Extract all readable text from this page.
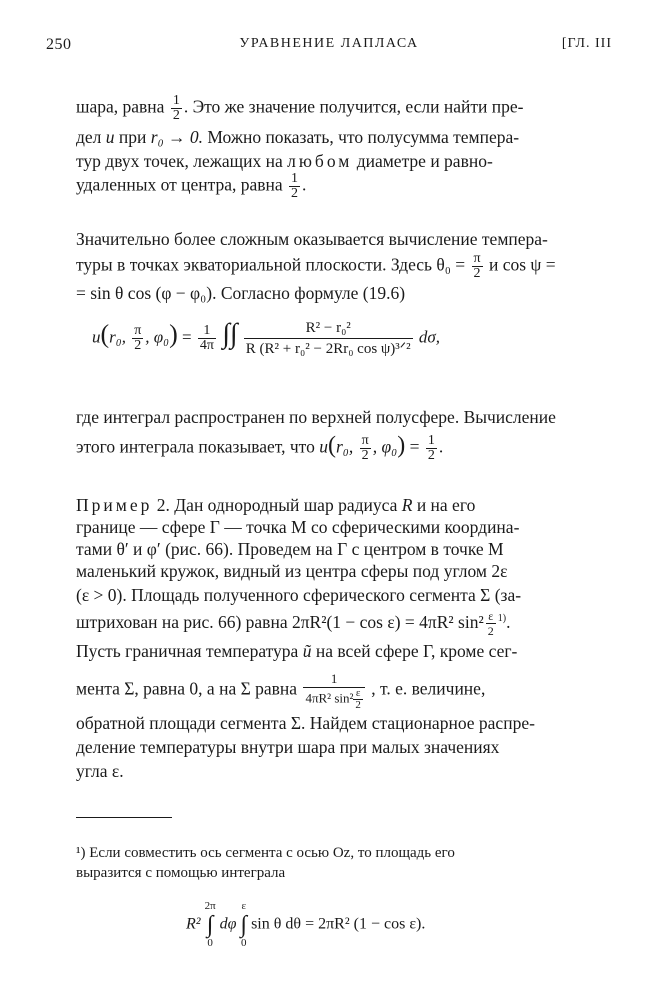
250	УРАВНЕНИЕ ЛАПЛАСА	[ГЛ. III
шара, равна $\frac{1}{2}$ . Это же значение получится, если найти пре-
дел u при r₀ → 0. Можно показать, что полусумма темпера-
тур двух точек, лежащих на любом диаметре и равно-
удаленных от центра, равна $\frac{1}{2}$ .
Значительно более сложным оказывается вычисление темпера-
туры в точках экваториальной плоскости. Здесь $\theta_0 = \frac{\pi}{2}$ и cos ψ =
= sin θ cos (φ − φ₀). Согласно формуле (19.6)
u(r₀, $\frac{\pi}{2}$ , $\varphi_0) = \frac{1}{4\pi}$ ∫∫ $\frac{\text{R² − r₀²}}{\text{R (R² + r₀² − 2Rr₀ cos ψ)³ᐟ²}} d\sigma$,
где интеграл распространен по верхней полусфере. Вычисление
этого интеграла показывает, что u(r₀, $\frac{\pi}{2}$ , $\varphi_0) = \frac{1}{2}$ .
Пример 2. Дан однородный шар радиуса R и на его
границе — сфере Γ — точка M со сферическими координа-
тами θ′ и φ′ (рис. 66). Проведем на Γ с центром в точке M
маленький кружок, видный из центра сферы под углом 2ε
(ε > 0). Площадь полученного сферического сегмента Σ (за-
штрихован на рис. 66) равна 2πR²(1 − cos ε) = 4πR² $\sin^2 \frac{\varepsilon}{2} ^{1)}$.
Пусть граничная температура ũ на всей сфере Γ, кроме сег-
мента Σ, равна 0, а на Σ равна $\frac{1}{4\pi R^2 \sin^2 \frac{\varepsilon}{2}}$ , т. е. величине,
обратной площади сегмента Σ. Найдем стационарное распре-
деление температуры внутри шара при малых значениях
угла ε.
¹) Если совместить ось сегмента с осью Oz, то площадь его
выразится с помощью интеграла
R²
2π
∫
0
dφ
ε
∫
0
sin θ dθ = 2πR² (1 − cos ε).
